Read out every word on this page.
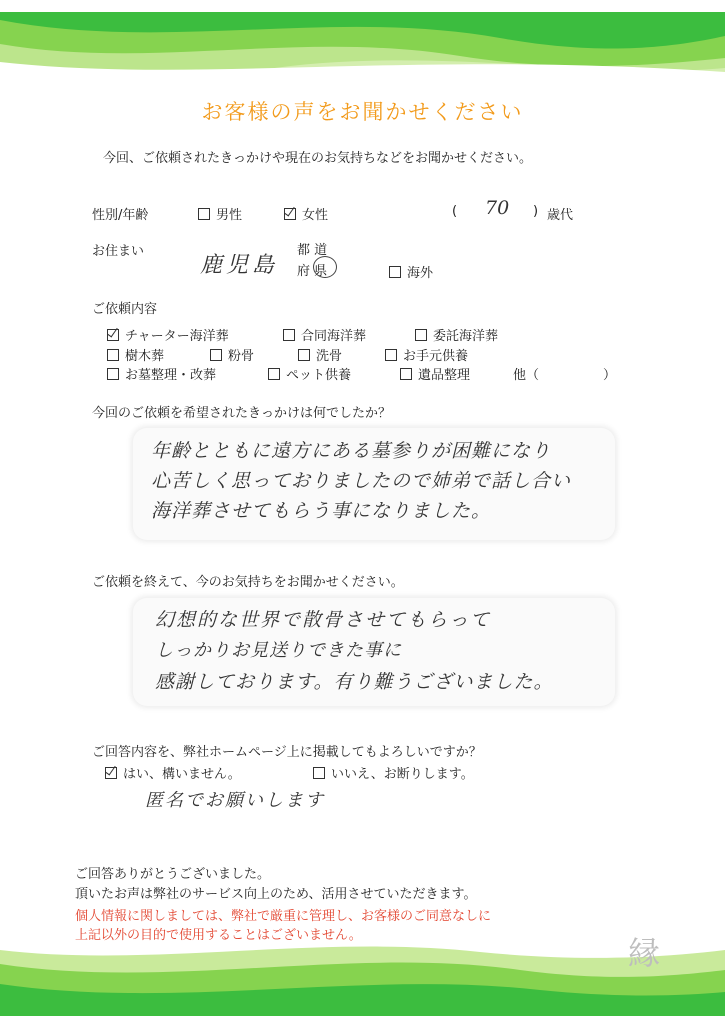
お客様の声をお聞かせください
今回、ご依頼されたきっかけや現在のお気持ちなどをお聞かせください。
性別/年齢	男性	女性	( 70 ) 歳代
お住まい
鹿児島
都 道
府 県	海外
ご依頼内容
チャーター海洋葬	合同海洋葬	委託海洋葬
樹木葬	粉骨	洗骨	お手元供養
お墓整理・改葬	ペット供養	遺品整理	他（	）
今回のご依頼を希望されたきっかけは何でしたか？
年齢とともに遠方にある墓参りが困難になり
心苦しく思っておりましたので姉弟で話し合い
海洋葬させてもらう事になりました。
ご依頼を終えて、今のお気持ちをお聞かせください。
幻想的な世界で散骨させてもらって
しっかりお見送りできた事に
感謝しております。有り難うございました。
ご回答内容を、弊社ホームページ上に掲載してもよろしいですか？
はい、構いません。	いいえ、お断りします。
匿名でお願いします
ご回答ありがとうございました。
頂いたお声は弊社のサービス向上のため、活用させていただきます。
個人情報に関しましては、弊社で厳重に管理し、お客様のご同意なしに
上記以外の目的で使用することはございません。	縁
